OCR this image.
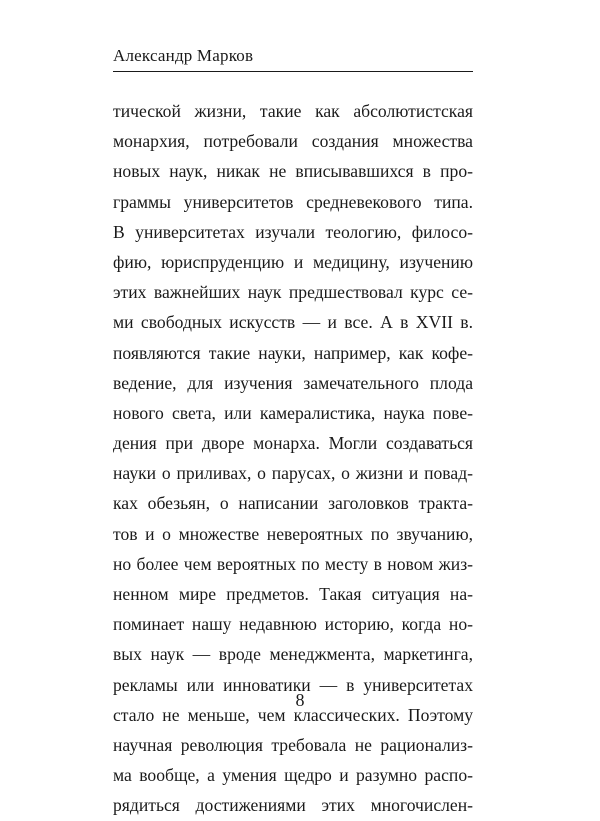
Александр Марков
тической жизни, такие как абсолютистская
монархия, потребовали создания множества
новых наук, никак не вписывавшихся в про-
граммы университетов средневекового типа.
В университетах изучали теологию, филосо-
фию, юриспруденцию и медицину, изучению
этих важнейших наук предшествовал курс се-
ми свободных искусств — и все. А в XVII в.
появляются такие науки, например, как кофе-
ведение, для изучения замечательного плода
нового света, или камералистика, наука пове-
дения при дворе монарха. Могли создаваться
науки о приливах, о парусах, о жизни и повад-
ках обезьян, о написании заголовков тракта-
тов и о множестве невероятных по звучанию,
но более чем вероятных по месту в новом жиз-
ненном мире предметов. Такая ситуация на-
поминает нашу недавнюю историю, когда но-
вых наук — вроде менеджмента, маркетинга,
рекламы или инноватики — в университетах
стало не меньше, чем классических. Поэтому
научная революция требовала не рационализ-
ма вообще, а умения щедро и разумно распо-
рядиться достижениями этих многочислен-
8
